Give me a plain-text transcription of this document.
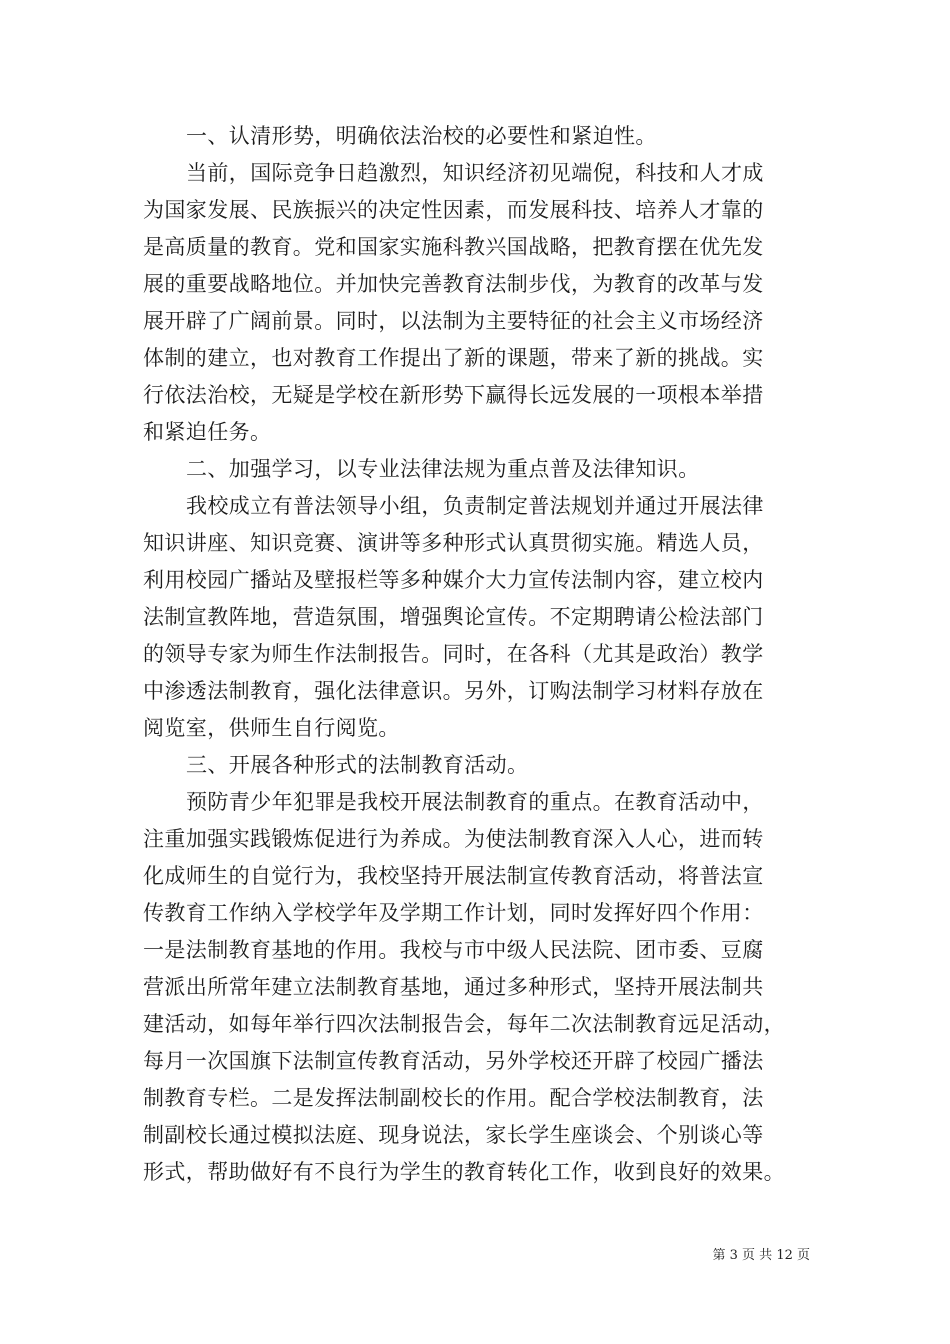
一、认清形势，明确依法治校的必要性和紧迫性。
当前，国际竞争日趋激烈，知识经济初见端倪，科技和人才成
为国家发展、民族振兴的决定性因素，而发展科技、培养人才靠的
是高质量的教育。党和国家实施科教兴国战略，把教育摆在优先发
展的重要战略地位。并加快完善教育法制步伐，为教育的改革与发
展开辟了广阔前景。同时，以法制为主要特征的社会主义市场经济
体制的建立，也对教育工作提出了新的课题，带来了新的挑战。实
行依法治校，无疑是学校在新形势下赢得长远发展的一项根本举措
和紧迫任务。
二、加强学习，以专业法律法规为重点普及法律知识。
我校成立有普法领导小组，负责制定普法规划并通过开展法律
知识讲座、知识竞赛、演讲等多种形式认真贯彻实施。精选人员，
利用校园广播站及壁报栏等多种媒介大力宣传法制内容，建立校内
法制宣教阵地，营造氛围，增强舆论宣传。不定期聘请公检法部门
的领导专家为师生作法制报告。同时，在各科（尤其是政治）教学
中渗透法制教育，强化法律意识。另外，订购法制学习材料存放在
阅览室，供师生自行阅览。
三、开展各种形式的法制教育活动。
预防青少年犯罪是我校开展法制教育的重点。在教育活动中，
注重加强实践锻炼促进行为养成。为使法制教育深入人心，进而转
化成师生的自觉行为，我校坚持开展法制宣传教育活动，将普法宣
传教育工作纳入学校学年及学期工作计划，同时发挥好四个作用：
一是法制教育基地的作用。我校与市中级人民法院、团市委、豆腐
营派出所常年建立法制教育基地，通过多种形式，坚持开展法制共
建活动，如每年举行四次法制报告会，每年二次法制教育远足活动，
每月一次国旗下法制宣传教育活动，另外学校还开辟了校园广播法
制教育专栏。二是发挥法制副校长的作用。配合学校法制教育，法
制副校长通过模拟法庭、现身说法，家长学生座谈会、个别谈心等
形式，帮助做好有不良行为学生的教育转化工作，收到良好的效果。
第 3 页 共 12 页
